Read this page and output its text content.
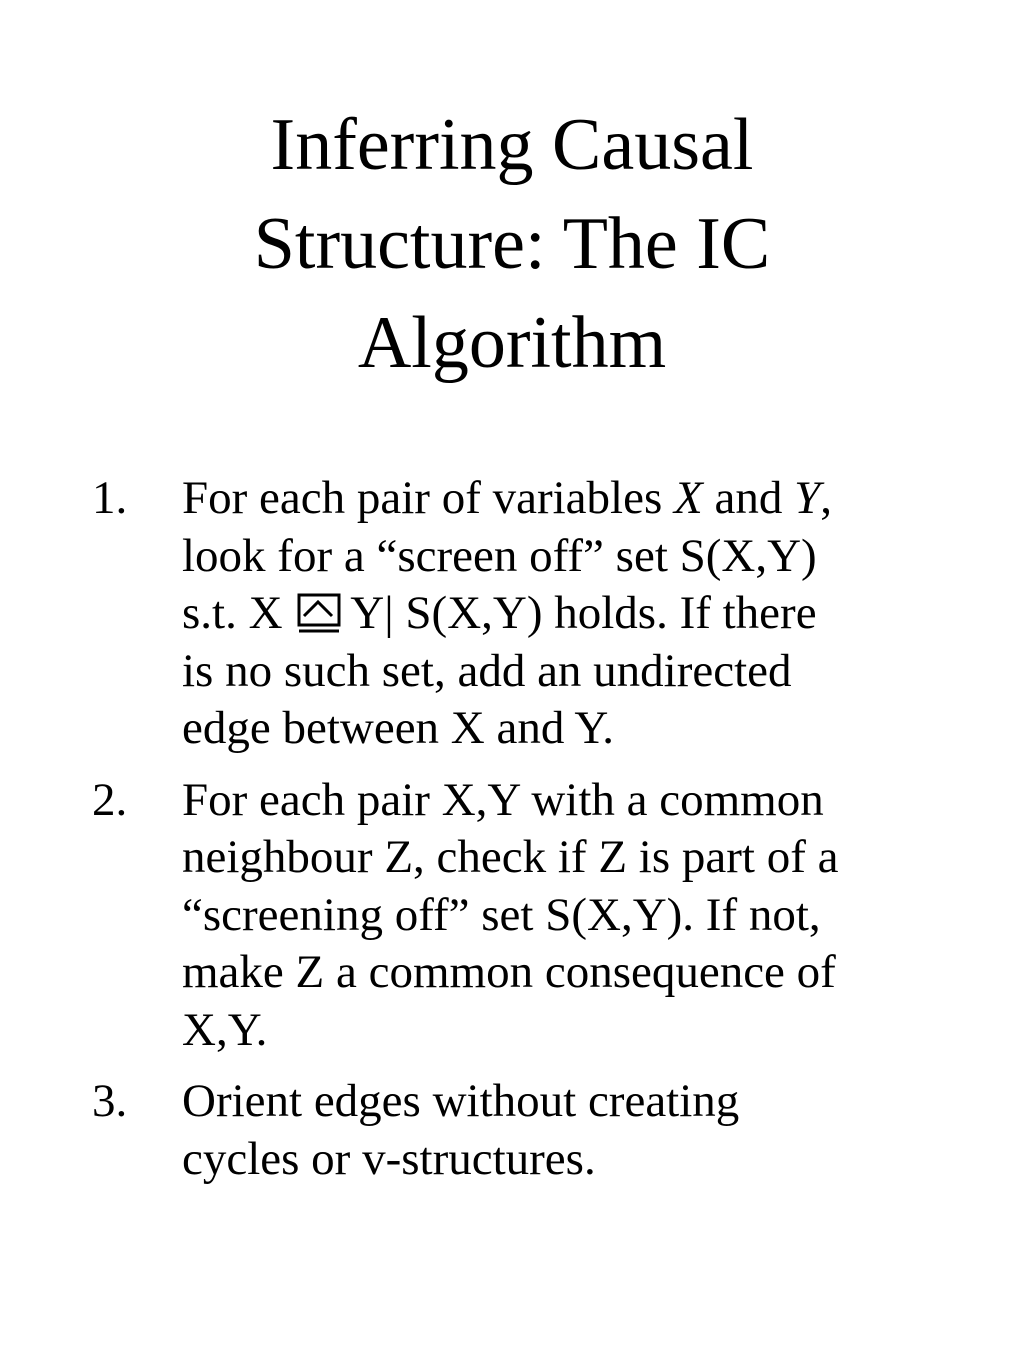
Inferring Causal
Structure: The IC
Algorithm
1. For each pair of variables X and Y,
look for a “screen off” set S(X,Y)
s.t. X Y| S(X,Y) holds. If there
is no such set, add an undirected
edge between X and Y.
2. For each pair X,Y with a common
neighbour Z, check if Z is part of a
“screening off” set S(X,Y). If not,
make Z a common consequence of
X,Y.
3. Orient edges without creating
cycles or v-structures.
